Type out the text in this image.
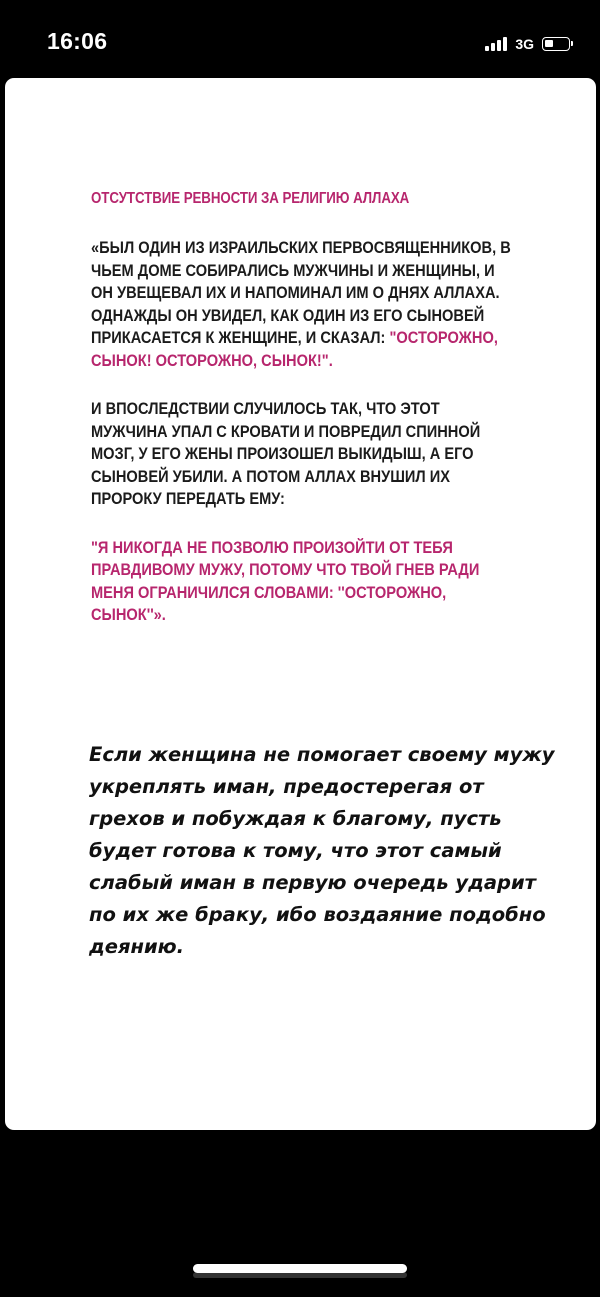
16:06	3G
ОТСУТСТВИЕ РЕВНОСТИ ЗА РЕЛИГИЮ АЛЛАХА

«БЫЛ ОДИН ИЗ ИЗРАИЛЬСКИХ ПЕРВОСВЯЩЕННИКОВ, В ЧЬЕМ ДОМЕ СОБИРАЛИСЬ МУЖЧИНЫ И ЖЕНЩИНЫ, И ОН УВЕЩЕВАЛ ИХ И НАПОМИНАЛ ИМ О ДНЯХ АЛЛАХА. ОДНАЖДЫ ОН УВИДЕЛ, КАК ОДИН ИЗ ЕГО СЫНОВЕЙ ПРИКАСАЕТСЯ К ЖЕНЩИНЕ, И СКАЗАЛ: "ОСТОРОЖНО, СЫНОК! ОСТОРОЖНО, СЫНОК!".

И ВПОСЛЕДСТВИИ СЛУЧИЛОСЬ ТАК, ЧТО ЭТОТ МУЖЧИНА УПАЛ С КРОВАТИ И ПОВРЕДИЛ СПИННОЙ МОЗГ, У ЕГО ЖЕНЫ ПРОИЗОШЕЛ ВЫКИДЫШ, А ЕГО СЫНОВЕЙ УБИЛИ. А ПОТОМ АЛЛАХ ВНУШИЛ ИХ ПРОРОКУ ПЕРЕДАТЬ ЕМУ:

"Я НИКОГДА НЕ ПОЗВОЛЮ ПРОИЗОЙТИ ОТ ТЕБЯ ПРАВДИВОМУ МУЖУ, ПОТОМУ ЧТО ТВОЙ ГНЕВ РАДИ МЕНЯ ОГРАНИЧИЛСЯ СЛОВАМИ: ''ОСТОРОЖНО, СЫНОК''».

Если женщина не помогает своему мужу укреплять иман, предостерегая от грехов и побуждая к благому, пусть будет готова к тому, что этот самый слабый иман в первую очередь ударит по их же браку, ибо воздаяние подобно деянию.
